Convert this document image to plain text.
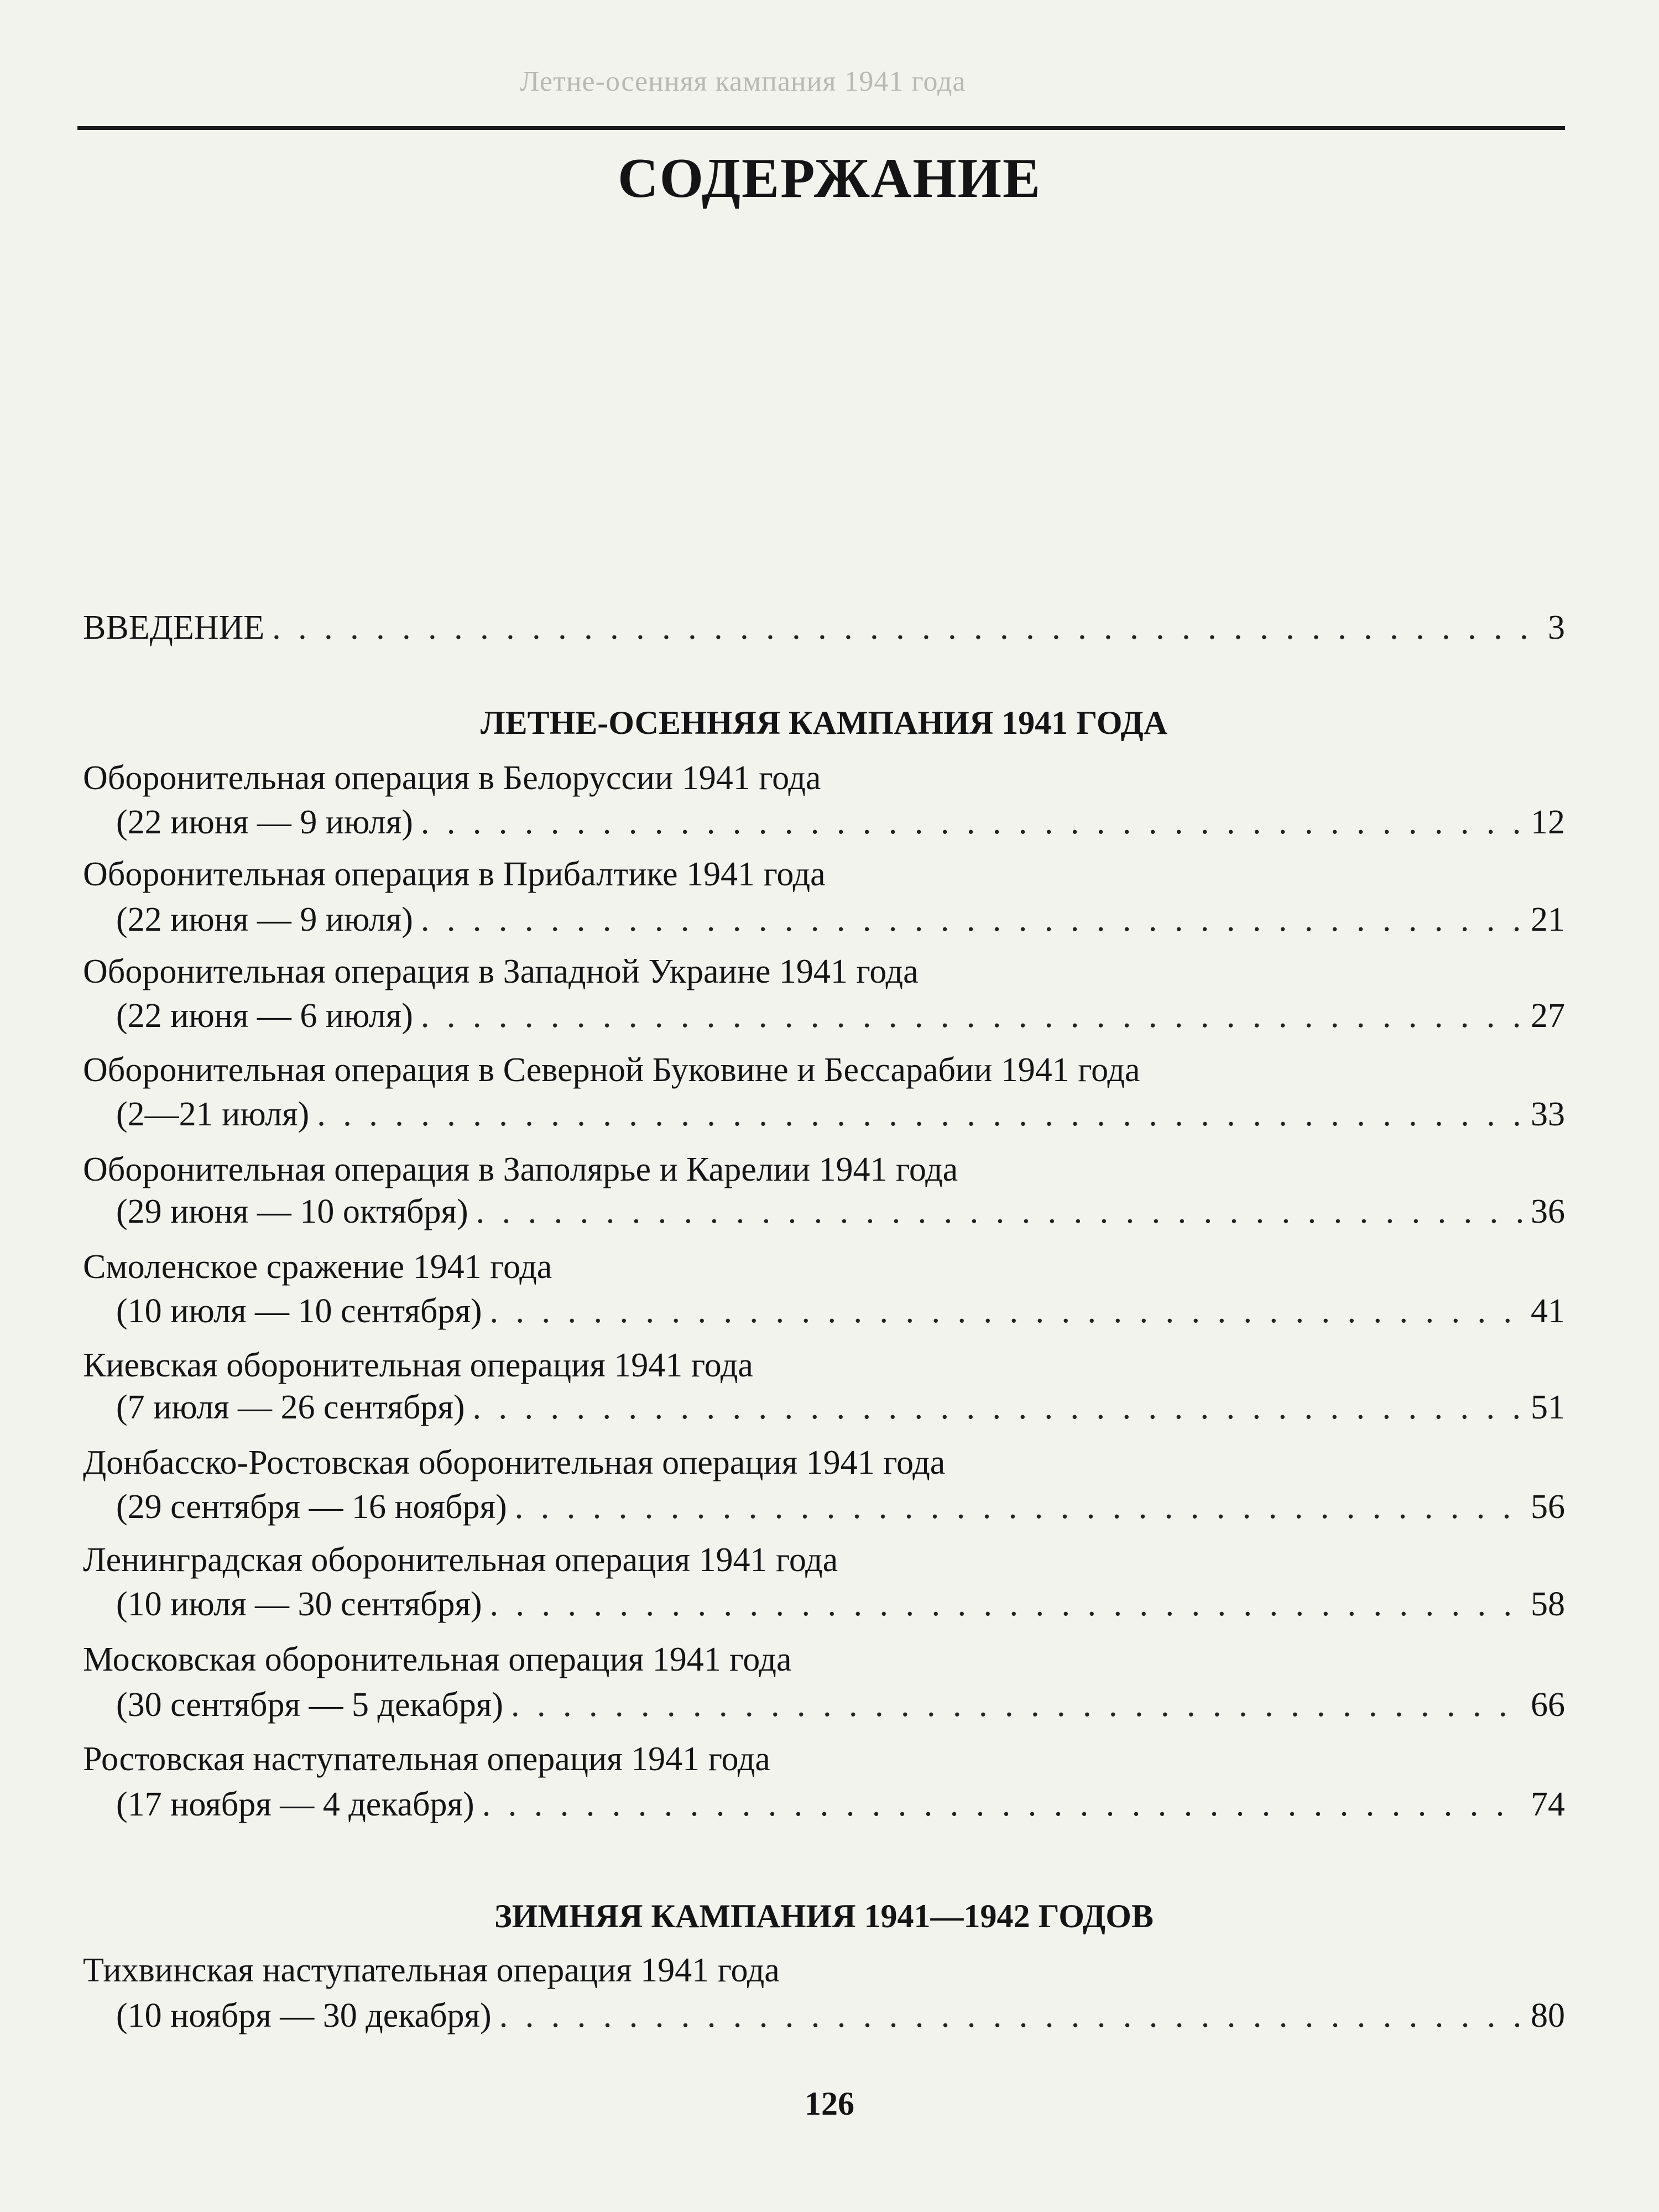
Летне-осенняя кампания 1941 года
СОДЕРЖАНИЕ
ВВЕДЕНИЕ . . .	3
ЛЕТНЕ-ОСЕННЯЯ КАМПАНИЯ 1941 ГОДА
Оборонительная операция в Белоруссии 1941 года
(22 июня — 9 июля) . . .	12
Оборонительная операция в Прибалтике 1941 года
(22 июня — 9 июля) . . .	21
Оборонительная операция в Западной Украине 1941 года
(22 июня — 6 июля) . . .	27
Оборонительная операция в Северной Буковине и Бессарабии 1941 года
(2—21 июля) . . .	33
Оборонительная операция в Заполярье и Карелии 1941 года
(29 июня — 10 октября) . . .	36
Смоленское сражение 1941 года
(10 июля — 10 сентября) . . .	41
Киевская оборонительная операция 1941 года
(7 июля — 26 сентября) . . .	51
Донбасско-Ростовская оборонительная операция 1941 года
(29 сентября — 16 ноября) . . .	56
Ленинградская оборонительная операция 1941 года
(10 июля — 30 сентября) . . .	58
Московская оборонительная операция 1941 года
(30 сентября — 5 декабря) . . .	66
Ростовская наступательная операция 1941 года
(17 ноября — 4 декабря) . . .	74
ЗИМНЯЯ КАМПАНИЯ 1941—1942 ГОДОВ
Тихвинская наступательная операция 1941 года
(10 ноября — 30 декабря) . . .	80
126
